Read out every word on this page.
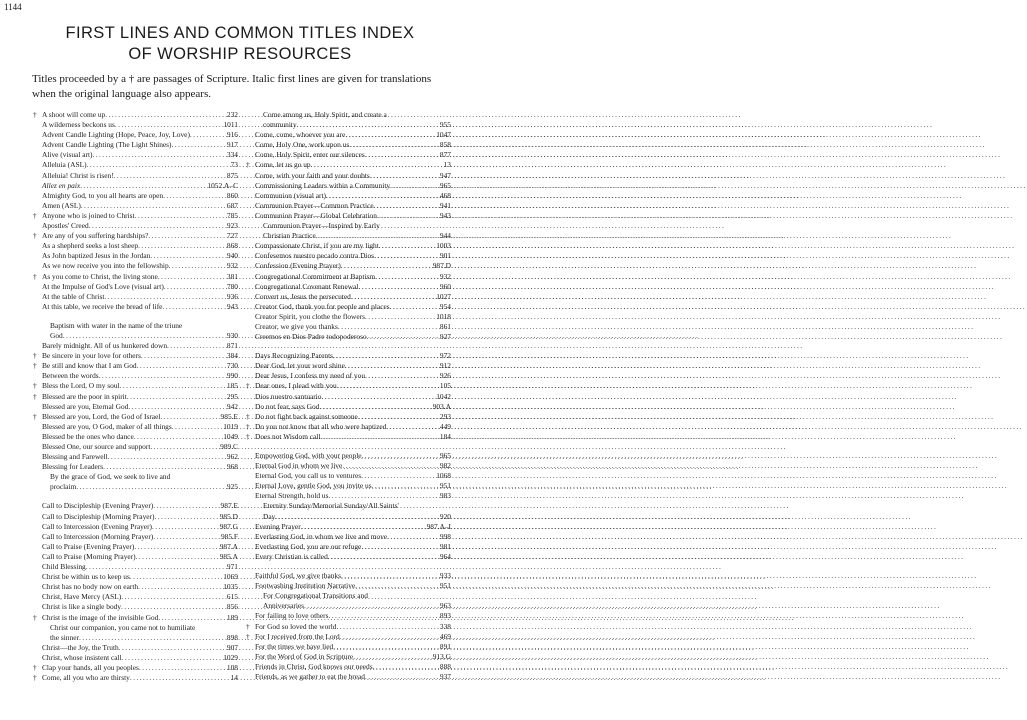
1144
FIRST LINES AND COMMON TITLES INDEX
OF WORSHIP RESOURCES
Titles proceeded by a † are passages of Scripture. Italic first lines are given for translations when the original language also appears.
† A shoot will come up .....	232
A wilderness beckons us .....	1011
Advent Candle Lighting (Hope, Peace, Joy, Love) .....	916
Advent Candle Lighting (The Light Shines) .....	917
Alive (visual art) .....	334
Alleluia (ASL) .....	73
Alleluia! Christ is risen! .....	875
Allez en paix .....	1052.A–C
Almighty God, to you all hearts are open .....	860
Amen (ASL) .....	687
† Anyone who is joined to Christ .....	785
Apostles' Creed .....	923
† Are any of you suffering hardships? .....	727
As a shepherd seeks a lost sheep .....	868
As John baptized Jesus in the Jordan .....	940
As we now receive you into the fellowship .....	932
† As you come to Christ, the living stone .....	381
At the Impulse of God's Love (visual art) .....	780
At the table of Christ .....	936
At this table, we receive the bread of life .....	943
Baptism with water in the name of the triune
God .....	930
Barely midnight. All of us hunkered down .....	871
† Be sincere in your love for others .....	384
† Be still and know that I am God .....	730
Between the words .....	990
† Bless the Lord, O my soul .....	185
† Blessed are the poor in spirit .....	295
Blessed are you, Eternal God .....	942
† Blessed are you, Lord, the God of Israel .....	985.E
Blessed are you, O God, maker of all things .....	1019
Blessed be the ones who dance .....	1049
Blessed One, our source and support .....	989.C
Blessing and Farewell .....	962
Blessing for Leaders .....	968
By the grace of God, we seek to live and
proclaim .....	925
Call to Discipleship (Evening Prayer) .....	987.E
Call to Discipleship (Morning Prayer) .....	985.D
Call to Intercession (Evening Prayer) .....	987.G
Call to Intercession (Morning Prayer) .....	985.F
Call to Praise (Evening Prayer) .....	987.A
Call to Praise (Morning Prayer) .....	985.A
Child Blessing .....	971
Christ be within us to keep us .....	1069
Christ has no body now on earth .....	1035
Christ, Have Mercy (ASL) .....	615
Christ is like a single body .....	856
† Christ is the image of the invisible God .....	189
Christ our companion, you came not to humiliate
the sinner .....	898
Christ—the Joy, the Truth .....	907
Christ, whose insistent call .....	1029
† Clap your hands, all you peoples .....	108
† Come, all you who are thirsty .....	14
Come among us, Holy Spirit, and create a
community .....	955
Come, come, whoever you are .....	1047
Come, Holy One, work upon us .....	858
Come, Holy Spirit, enter our silences .....	877
† Come, let us go up .....	13
Come, with your faith and your doubts .....	947
Commissioning Leaders within a Community .....	965
Communion (visual art) .....	468
Communion Prayer—Common Practice .....	941
Communion Prayer—Global Celebration .....	943
Communion Prayer—Inspired by Early
Christian Practice .....	944
Compassionate Christ, if you are my light .....	1003
Confesemos nuestro pecado contra Dios .....	901
Confession (Evening Prayer) .....	987.D
Congregational Commitment at Baptism .....	932
Congregational Covenant Renewal .....	960
Convert us, Jesus the persecuted .....	1027
Creator God, thank you for people and places .....	954
Creator Spirit, you clothe the flowers .....	1018
Creator, we give you thanks .....	861
Creemos en Dios Padre todopoderoso .....	927
Days Recognizing Parents .....	972
Dear God, let your word shine .....	912
Dear Jesus, I confess my need of you .....	926
† Dear ones, I plead with you .....	105
Dios nuestro santuario .....	1042
Do not fear, says God .....	903.A
† Do not fight back against someone .....	293
† Do you not know that all who were baptized .....	449
† Does not Wisdom call .....	184
Empowering God, with your people .....	965
Eternal God in whom we live .....	982
Eternal God, you call us to ventures .....	1068
Eternal Love, gentle God, you invite us .....	951
Eternal Strength, hold us .....	983
Eternity Sunday/Memorial Sunday/All Saints'
Day .....	920
Evening Prayer .....	987.A–I
Everlasting God, in whom we live and move .....	998
Everlasting God, you are our refuge .....	981
Every Christian is called .....	964
Faithful God, we give thanks .....	933
Footwashing Institution Narrative .....	951
For Congregational Transitions and
Anniversaries .....	963
For failing to love others .....	893
† For God so loved the world .....	338
† For I received from the Lord .....	469
For the times we have lied .....	891
For the Word of God in Scripture .....	913.G
Friends in Christ, God knows our needs .....	888
Friends, as we gather to eat the bread .....	937
